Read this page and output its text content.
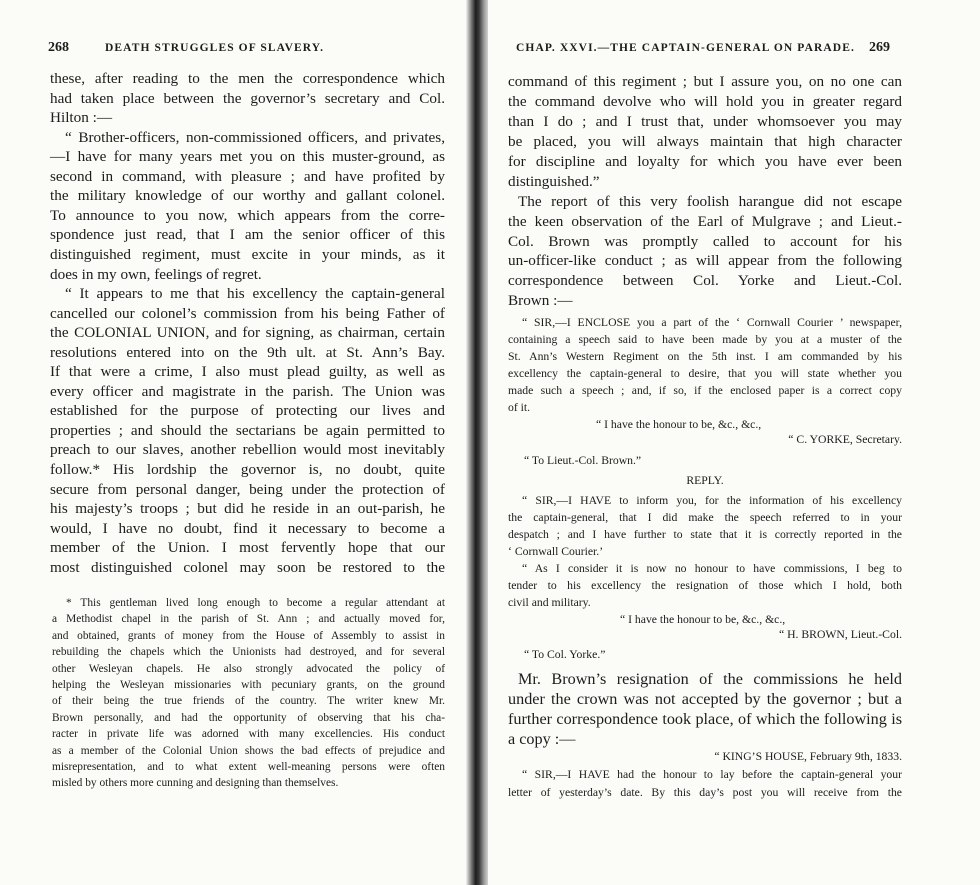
268	DEATH STRUGGLES OF SLAVERY.
these, after reading to the men the correspondence which
had taken place between the governor’s secretary and Col.
Hilton :—
“ Brother-officers, non-commissioned officers, and privates,
—I have for many years met you on this muster-ground, as
second in command, with pleasure ; and have profited by
the military knowledge of our worthy and gallant colonel.
To announce to you now, which appears from the corre-
spondence just read, that I am the senior officer of this
distinguished regiment, must excite in your minds, as it
does in my own, feelings of regret.
“ It appears to me that his excellency the captain-general
cancelled our colonel’s commission from his being Father of
the COLONIAL UNION, and for signing, as chairman, certain
resolutions entered into on the 9th ult. at St. Ann’s Bay.
If that were a crime, I also must plead guilty, as well as
every officer and magistrate in the parish. The Union was
established for the purpose of protecting our lives and
properties ; and should the sectarians be again permitted to
preach to our slaves, another rebellion would most inevitably
follow.* His lordship the governor is, no doubt, quite
secure from personal danger, being under the protection of
his majesty’s troops ; but did he reside in an out-parish, he
would, I have no doubt, find it necessary to become a
member of the Union. I most fervently hope that our
most distinguished colonel may soon be restored to the
* This gentleman lived long enough to become a regular attendant at
a Methodist chapel in the parish of St. Ann ; and actually moved for,
and obtained, grants of money from the House of Assembly to assist in
rebuilding the chapels which the Unionists had destroyed, and for several
other Wesleyan chapels. He also strongly advocated the policy of
helping the Wesleyan missionaries with pecuniary grants, on the ground
of their being the true friends of the country. The writer knew Mr.
Brown personally, and had the opportunity of observing that his cha-
racter in private life was adorned with many excellencies. His conduct
as a member of the Colonial Union shows the bad effects of prejudice and
misrepresentation, and to what extent well-meaning persons were often
misled by others more cunning and designing than themselves.
CHAP. XXVI.—THE CAPTAIN-GENERAL ON PARADE. 269
command of this regiment ; but I assure you, on no one can
the command devolve who will hold you in greater regard
than I do ; and I trust that, under whomsoever you may
be placed, you will always maintain that high character
for discipline and loyalty for which you have ever been
distinguished.”
The report of this very foolish harangue did not escape
the keen observation of the Earl of Mulgrave ; and Lieut.-
Col. Brown was promptly called to account for his
un-officer-like conduct ; as will appear from the following
correspondence between Col. Yorke and Lieut.-Col.
Brown :—
“ SIR,—I ENCLOSE you a part of the ‘ Cornwall Courier ’ newspaper,
containing a speech said to have been made by you at a muster of the
St. Ann’s Western Regiment on the 5th inst. I am commanded by his
excellency the captain-general to desire, that you will state whether you
made such a speech ; and, if so, if the enclosed paper is a correct copy
of it.
“ I have the honour to be, &c., &c.,
“ C. YORKE, Secretary.
“ To Lieut.-Col. Brown.”
REPLY.
“ SIR,—I HAVE to inform you, for the information of his excellency
the captain-general, that I did make the speech referred to in your
despatch ; and I have further to state that it is correctly reported in the
‘ Cornwall Courier.’
“ As I consider it is now no honour to have commissions, I beg to
tender to his excellency the resignation of those which I hold, both
civil and military.
“ I have the honour to be, &c., &c.,
“ H. BROWN, Lieut.-Col.
“ To Col. Yorke.”
Mr. Brown’s resignation of the commissions he held
under the crown was not accepted by the governor ; but a
further correspondence took place, of which the following is
a copy :—
“ KING’S HOUSE, February 9th, 1833.
“ SIR,—I HAVE had the honour to lay before the captain-general your
letter of yesterday’s date. By this day’s post you will receive from the
